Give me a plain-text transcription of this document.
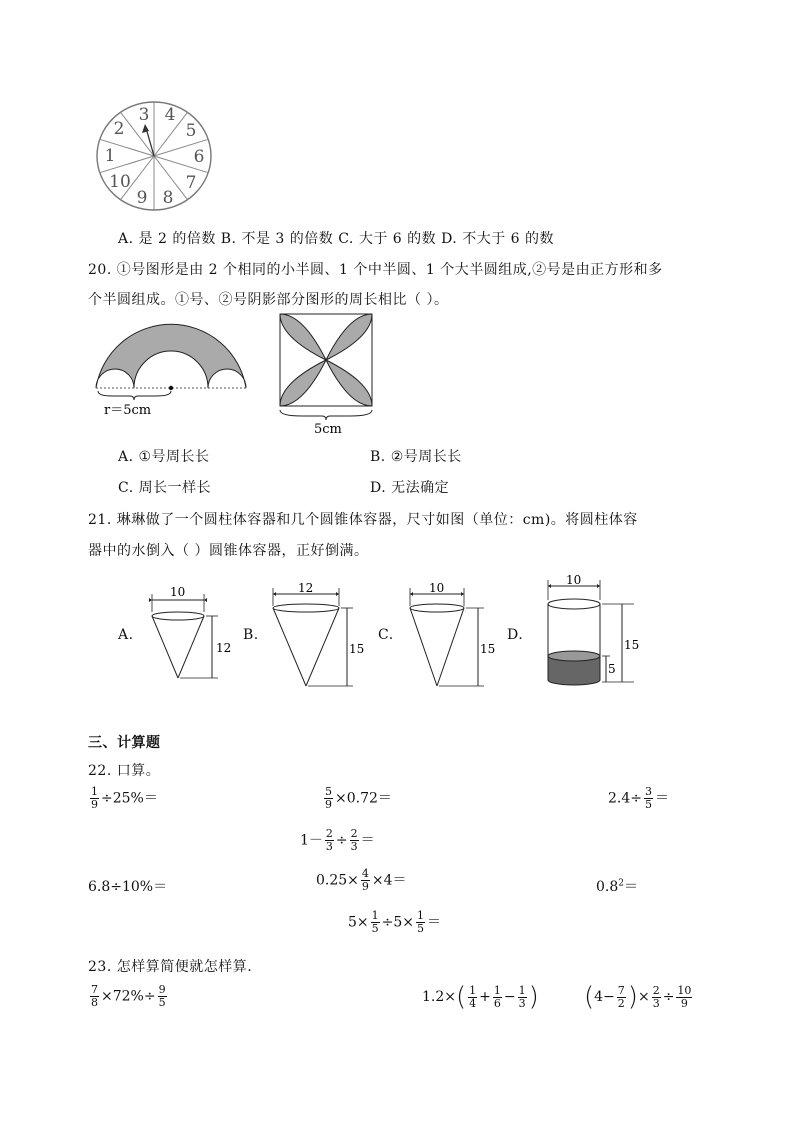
3 4
5
6
7
8
9
10
1
2
A. 是 2 的倍数 B. 不是 3 的倍数 C. 大于 6 的数 D. 不大于 6 的数
20. ①号图形是由 2 个相同的小半圆、1 个中半圆、1 个大半圆组成,②号是由正方形和多
个半圆组成。①号、②号阴影部分图形的周长相比（ ）。
r＝5cm
5cm
A. ①号周长长	B. ②号周长长
C. 周长一样长	D. 无法确定
21. 琳琳做了一个圆柱体容器和几个圆锥体容器，尺寸如图（单位：cm)。将圆柱体容
器中的水倒入（ ）圆锥体容器，正好倒满。
A.
10
12
B.
12
15
C.
10
15
D.
10
15
5
三、计算题
22. 口算。
$\frac{1}{9} \div 25\%=$	$\frac{5}{9} \times 0.72=$	$2.4\div \frac{3}{5}$ ＝
$1- \frac{2}{3} \div \frac{2}{3}$ ＝
6.8÷10%＝	$0.25\times \frac{4}{9} \times 4=$	$0.8^2=$
$5\times \frac{1}{5} \div 5\times \frac{1}{5}$ ＝
23. 怎样算简便就怎样算.
$\frac{7}{8} \times 72\%\div \frac{9}{5}$	$1.2\times( \frac{1}{4} + \frac{1}{6} - \frac{1}{3}$ ) ($4- \frac{7}{2}$ )× $\frac{2}{3} \div \frac{10}{9}$
